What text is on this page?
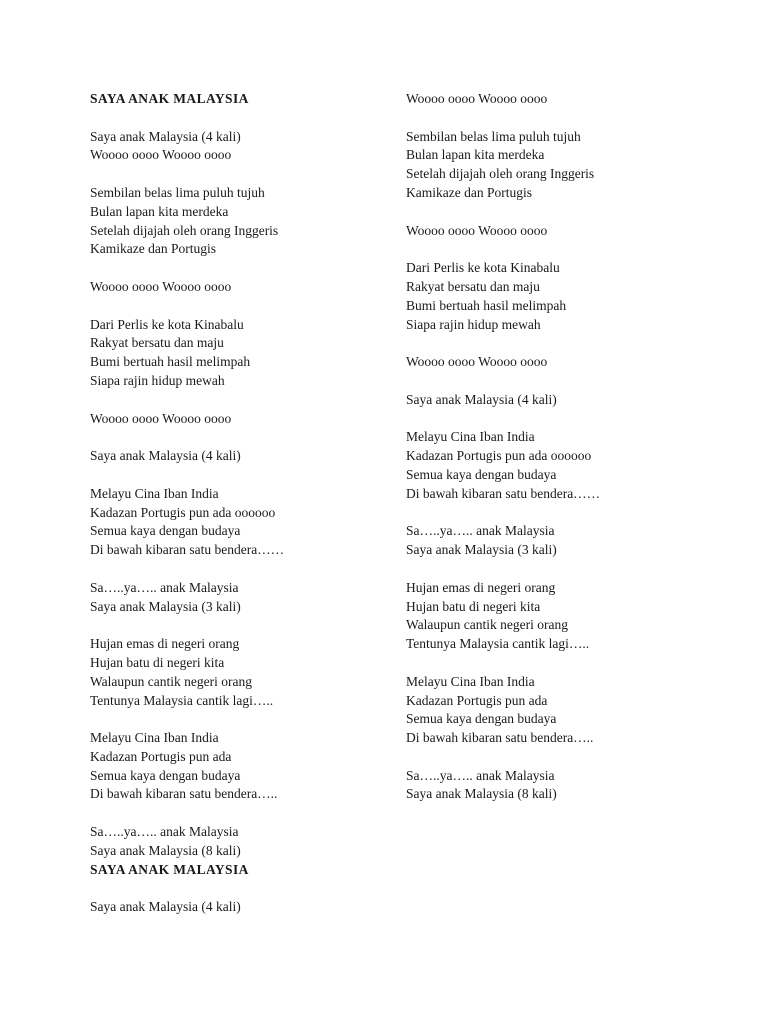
SAYA ANAK MALAYSIA
Saya anak Malaysia (4 kali)
Woooo oooo Woooo oooo
Sembilan belas lima puluh tujuh
Bulan lapan kita merdeka
Setelah dijajah oleh orang Inggeris
Kamikaze dan Portugis
Woooo oooo Woooo oooo
Dari Perlis ke kota Kinabalu
Rakyat bersatu dan maju
Bumi bertuah hasil melimpah
Siapa rajin hidup mewah
Woooo oooo Woooo oooo
Saya anak Malaysia (4 kali)
Melayu Cina Iban India
Kadazan Portugis pun ada oooooo
Semua kaya dengan budaya
Di bawah kibaran satu bendera……
Sa…..ya….. anak Malaysia
Saya anak Malaysia (3 kali)
Hujan emas di negeri orang
Hujan batu di negeri kita
Walaupun cantik negeri orang
Tentunya Malaysia cantik lagi…..
Melayu Cina Iban India
Kadazan Portugis pun ada
Semua kaya dengan budaya
Di bawah kibaran satu bendera…..
Sa…..ya….. anak Malaysia
Saya anak Malaysia (8 kali)
SAYA ANAK MALAYSIA
Saya anak Malaysia (4 kali)
Woooo oooo Woooo oooo
Sembilan belas lima puluh tujuh
Bulan lapan kita merdeka
Setelah dijajah oleh orang Inggeris
Kamikaze dan Portugis
Woooo oooo Woooo oooo
Dari Perlis ke kota Kinabalu
Rakyat bersatu dan maju
Bumi bertuah hasil melimpah
Siapa rajin hidup mewah
Woooo oooo Woooo oooo
Saya anak Malaysia (4 kali)
Melayu Cina Iban India
Kadazan Portugis pun ada oooooo
Semua kaya dengan budaya
Di bawah kibaran satu bendera……
Sa…..ya….. anak Malaysia
Saya anak Malaysia (3 kali)
Hujan emas di negeri orang
Hujan batu di negeri kita
Walaupun cantik negeri orang
Tentunya Malaysia cantik lagi…..
Melayu Cina Iban India
Kadazan Portugis pun ada
Semua kaya dengan budaya
Di bawah kibaran satu bendera…..
Sa…..ya….. anak Malaysia
Saya anak Malaysia (8 kali)
